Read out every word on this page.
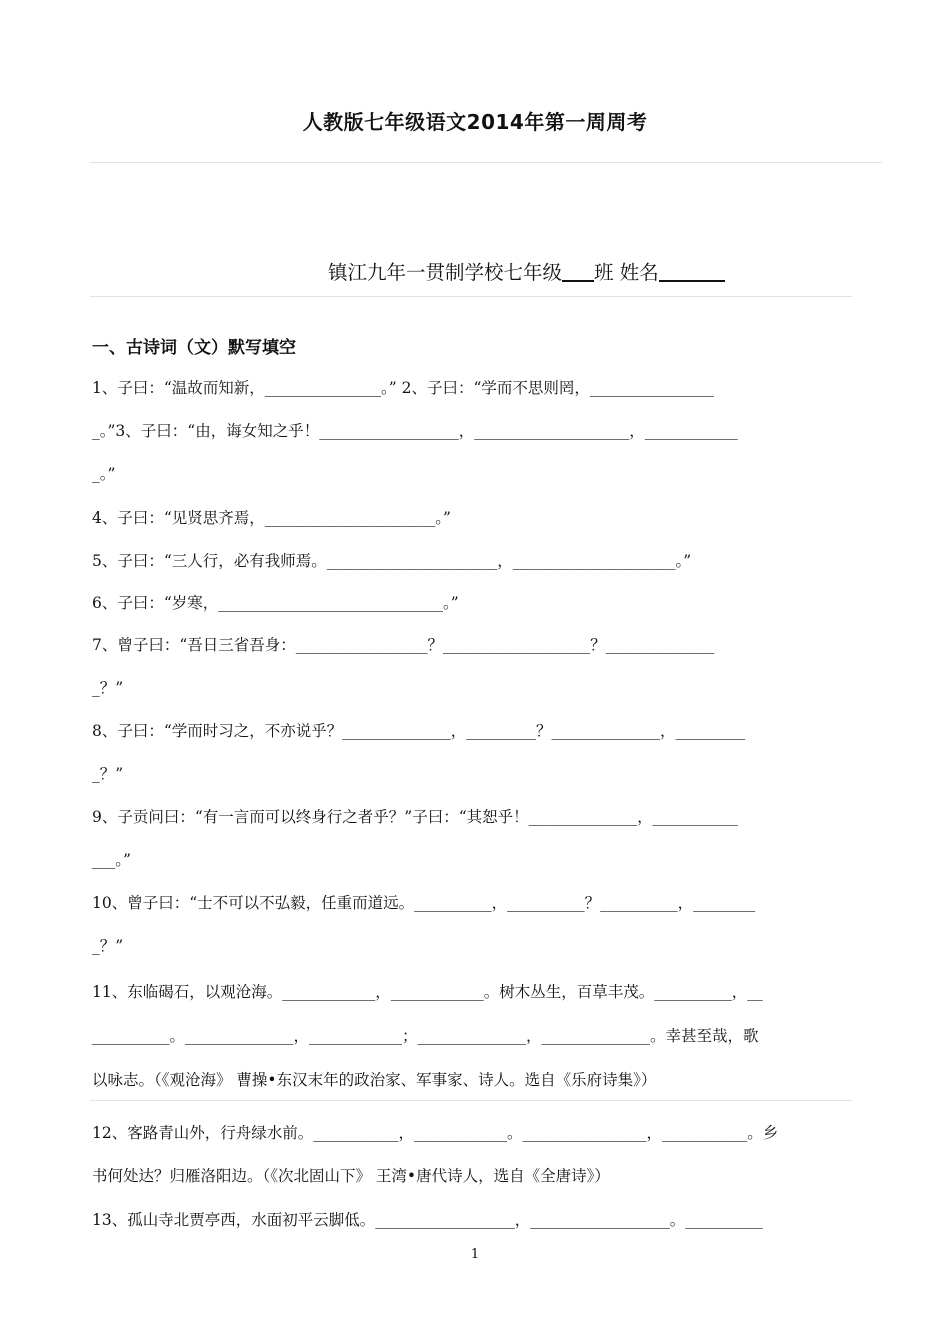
人教版七年级语文2014年第一周周考
镇江九年一贯制学校七年级 班 姓名
一、古诗词（文）默写填空
1、子曰：“温故而知新，_______________。” 2、子曰：“学而不思则罔，________________
_。”3、子曰：“由，诲女知之乎！__________________，____________________，____________
_。”
4、子曰：“见贤思齐焉，______________________。”
5、子曰：“三人行，必有我师焉。______________________，_____________________。”
6、子曰：“岁寒，_____________________________。”
7、曾子曰：“吾日三省吾身：_________________？___________________？______________
_？”
8、子曰：“学而时习之，不亦说乎？______________，_________？______________，_________
_？”
9、子贡问曰：“有一言而可以终身行之者乎？”子曰：“其恕乎！______________，___________
___。”
10、曾子曰：“士不可以不弘毅，任重而道远。__________，__________？__________，________
_？”
11、东临碣石，以观沧海。____________，____________。树木丛生，百草丰茂。__________，__
__________。______________，____________；______________，______________。幸甚至哉，歌
以咏志。（《观沧海》 曹操•东汉末年的政治家、军事家、诗人。选自《乐府诗集》）
12、客路青山外，行舟绿水前。___________，____________。________________，___________。乡
书何处达？归雁洛阳边。（《次北固山下》 王湾•唐代诗人，选自《全唐诗》）
13、孤山寺北贾亭西，水面初平云脚低。__________________，__________________。__________
1
